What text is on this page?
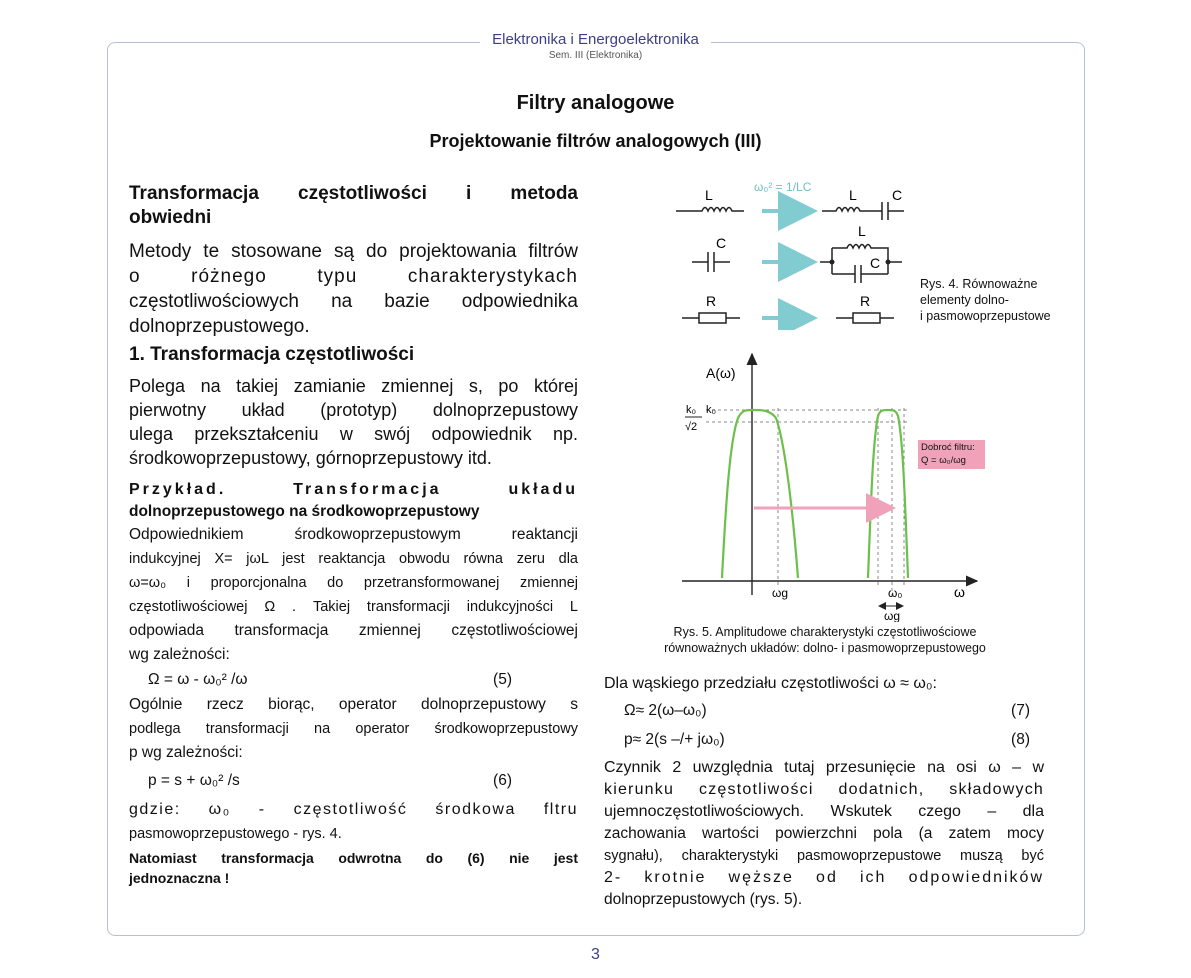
Elektronika i Energoelektronika
Sem. III (Elektronika)
Filtry analogowe
Projektowanie filtrów analogowych (III)

Transformacja częstotliwości i metoda

obwiedni

Metody te stosowane są do projektowania filtrów

o różnego typu charakterystykach

częstotliwościowych na bazie odpowiednika

dolnoprzepustowego.

1. Transformacja częstotliwości

Polega na takiej zamianie zmiennej s, po której

pierwotny układ (prototyp) dolnoprzepustowy

ulega przekształceniu w swój odpowiednik np.

środkowoprzepustowy, górnoprzepustowy itd.

Przykład. Transformacja układu

dolnoprzepustowego na środkowoprzepustowy

Odpowiednikiem środkowoprzepustowym reaktancji

indukcyjnej X= jωL jest reaktancja obwodu równa zeru dla

ω=ω₀ i proporcjonalna do przetransformowanej zmiennej

częstotliwościowej Ω . Takiej transformacji indukcyjności L

odpowiada transformacja zmiennej częstotliwościowej

wg zależności:

Ω = ω - ω₀² /ω	(5)

Ogólnie rzecz biorąc, operator dolnoprzepustowy s

podlega transformacji na operator środkowoprzepustowy

p wg zależności:

p = s + ω₀² /s	(6)

gdzie: ω₀ - częstotliwość środkowa fltru

pasmowoprzepustowego - rys. 4.

Natomiast transformacja odwrotna do (6) nie jest

jednoznaczna !

ω₀² = 1/LC
L	L	C
C
L
C
R	R
Rys. 4. Równoważne
elementy dolno-
i pasmowoprzepustowe
A(ω)
k₀
k₀
√2
ω
ωg	ω₀
ωg
Dobroć filtru:
Q = ω₀/ωg
Rys. 5. Amplitudowe charakterystyki częstotliwościowe
równoważnych układów: dolno- i pasmowoprzepustowego

Dla wąskiego przedziału częstotliwości ω ≈ ω₀:

Ω≈ 2(ω–ω₀)	(7)
p≈ 2(s –/+ jω₀)	(8)

Czynnik 2 uwzględnia tutaj przesunięcie na osi ω – w

kierunku częstotliwości dodatnich, składowych

ujemnoczęstotliwościowych. Wskutek czego – dla

zachowania wartości powierzchni pola (a zatem mocy

sygnału), charakterystyki pasmowoprzepustowe muszą być

2- krotnie węższe od ich odpowiedników

dolnoprzepustowych (rys. 5).

3
